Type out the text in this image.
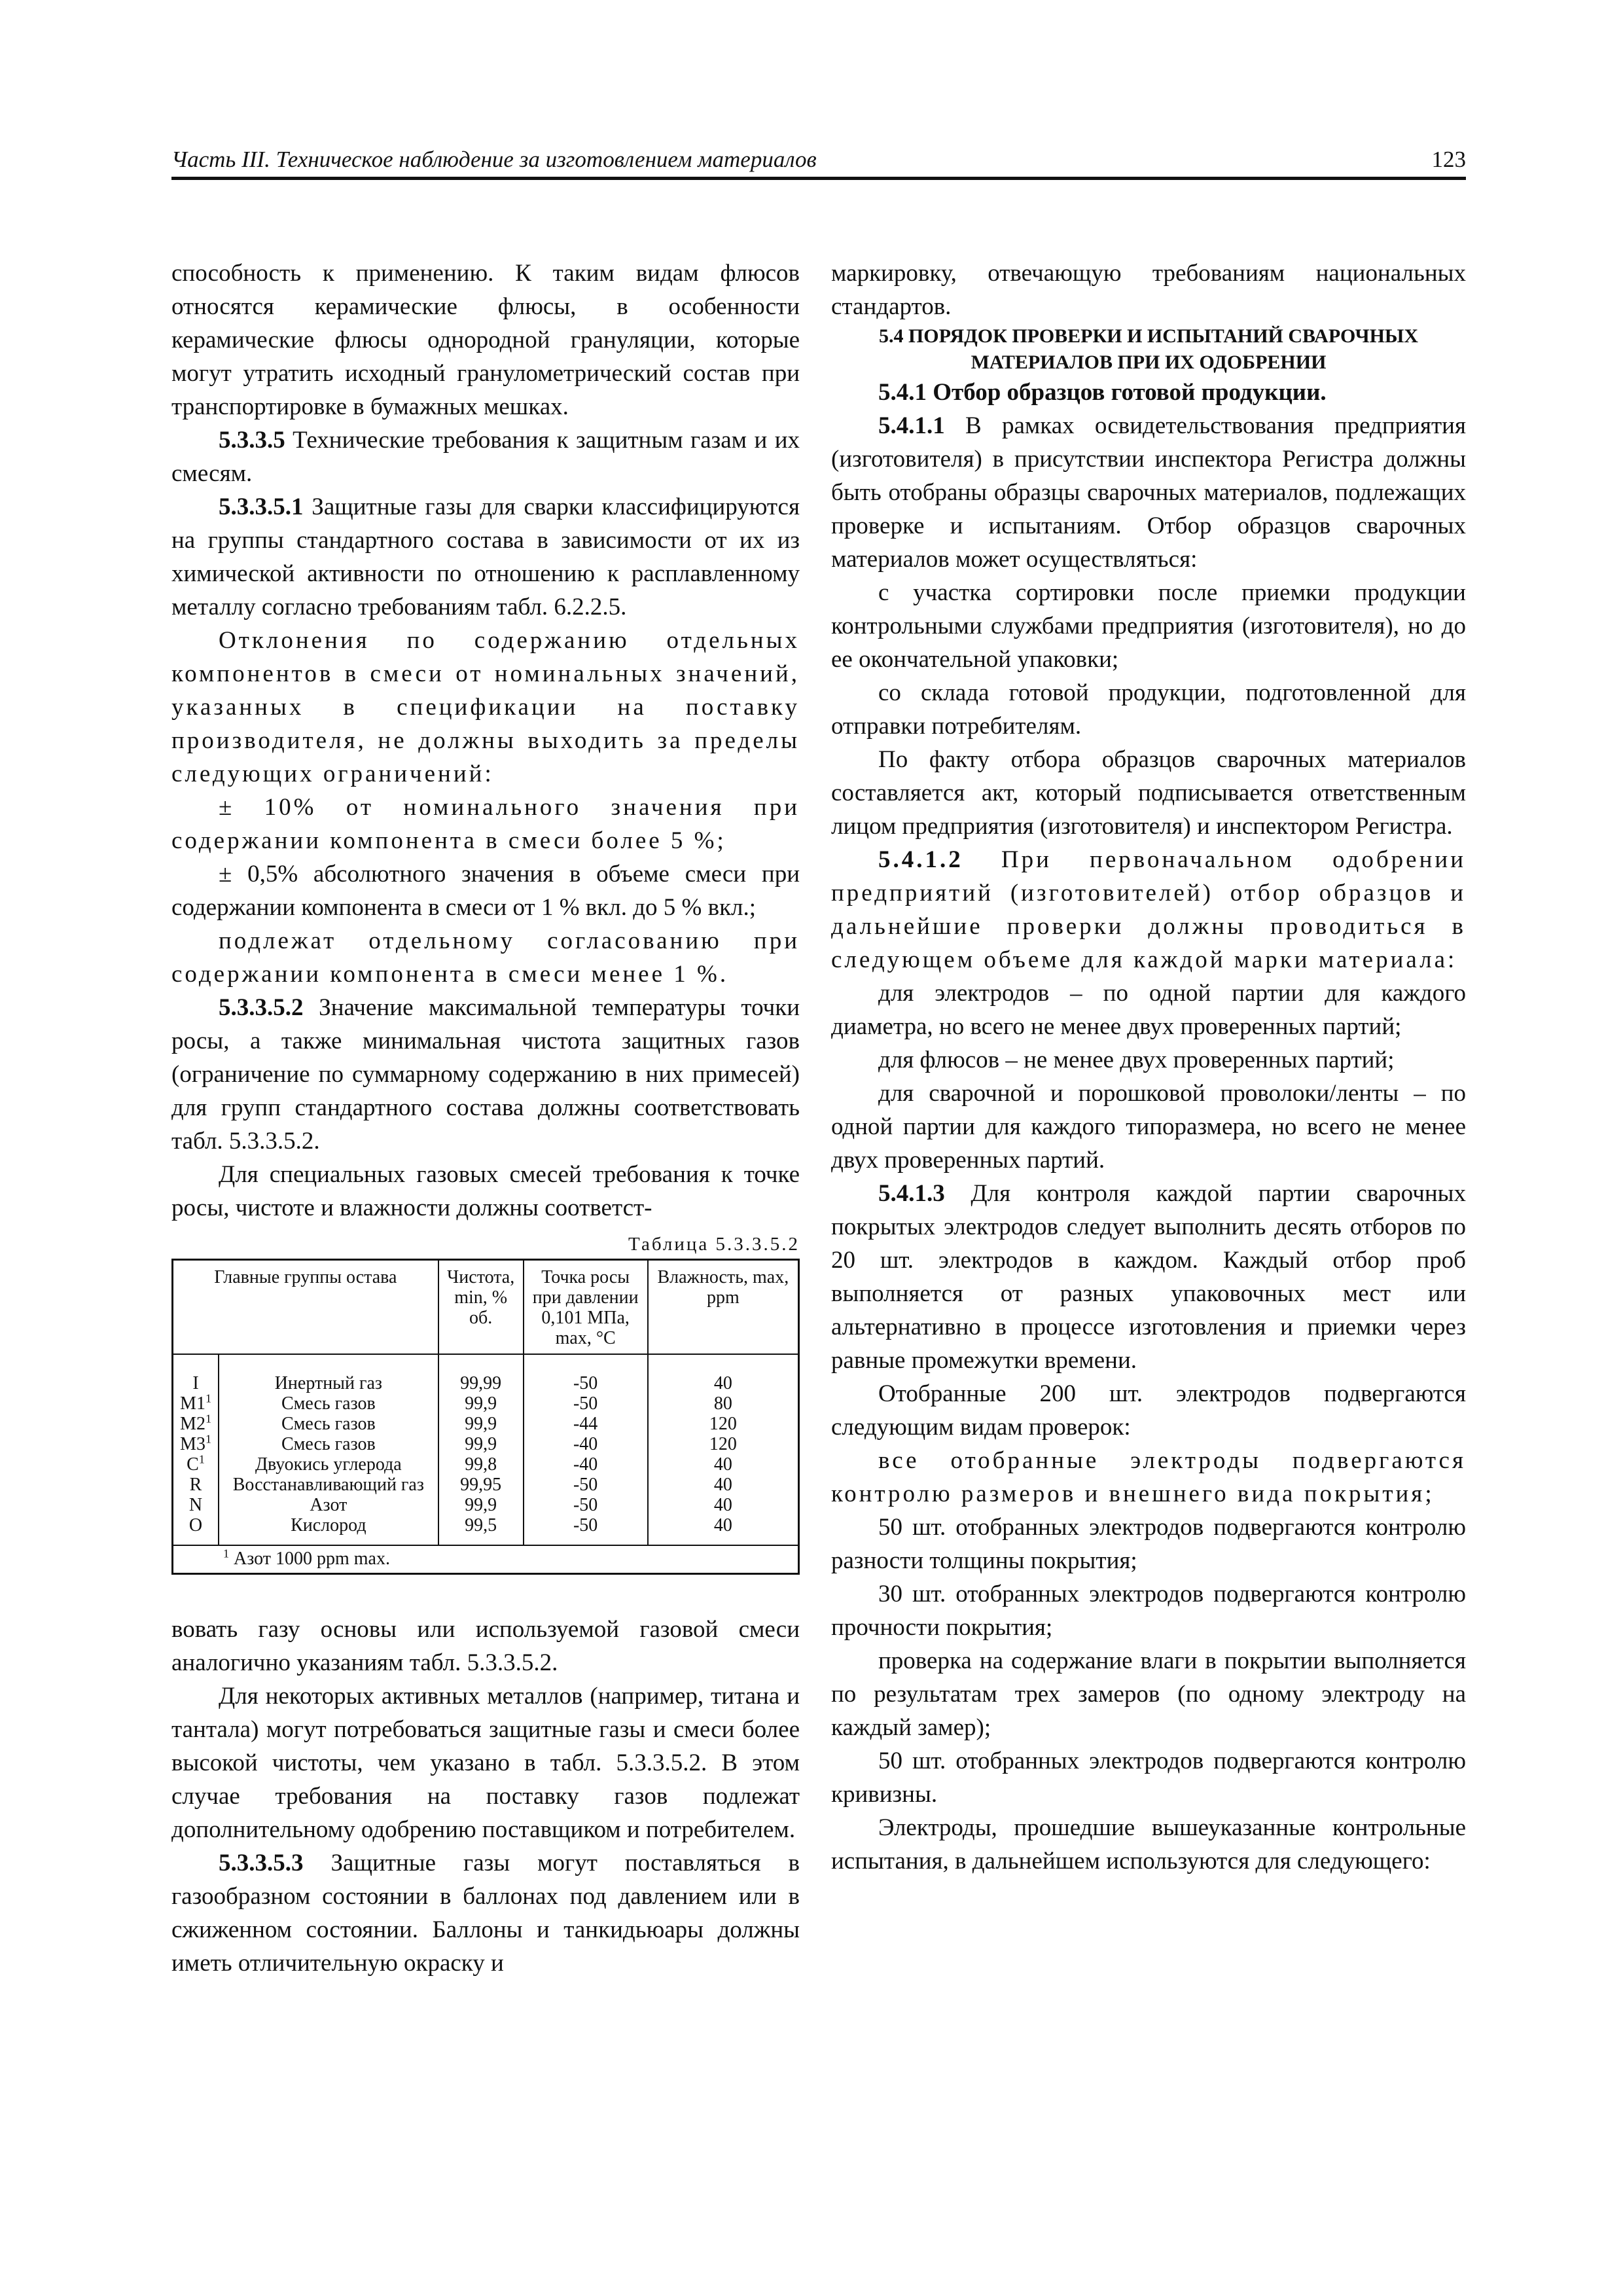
Часть III. Техническое наблюдение за изготовлением материалов	123

способность к применению. К таким видам флюсов относятся керамические флюсы, в особенности керамические флюсы однородной грануляции, которые могут утратить исходный гранулометрический состав при транспортировке в бумажных мешках.

5.3.3.5 Технические требования к защитным газам и их смесям.

5.3.3.5.1 Защитные газы для сварки классифицируются на группы стандартного состава в зависимости от их из химической активности по отношению к расплавленному металлу согласно требованиям табл. 6.2.2.5.

Отклонения по содержанию отдельных компонентов в смеси от номинальных значений, указанных в спецификации на поставку производителя, не должны выходить за пределы следующих ограничений:

± 10% от номинального значения при содержании компонента в смеси более 5 %;

± 0,5% абсолютного значения в объеме смеси при содержании компонента в смеси от 1 % вкл. до 5 % вкл.;

подлежат отдельному согласованию при содержании компонента в смеси менее 1 %.

5.3.3.5.2 Значение максимальной температуры точки росы, а также минимальная чистота защитных газов (ограничение по суммарному содержанию в них примесей) для групп стандартного состава должны соответствовать табл. 5.3.3.5.2.

Для специальных газовых смесей требования к точке росы, чистоте и влажности должны соответст-

Таблица 5.3.3.5.2
Главные группы остава		Чистота, min, % об.	Точка росы при давлении 0,101 МПа, max, °С	Влажность, max, ppm
I	Инертный газ	99,99	-50	40
$M1^1$	Смесь газов	99,9	-50	80
$M2^1$	Смесь газов	99,9	-44	120
$M3^1$	Смесь газов	99,9	-40	120
$C^1$	Двуокись углерода	99,8	-40	40
R	Восстанавливающий газ	99,95	-50	40
N	Азот	99,9	-50	40
O	Кислород	99,5	-50	40
$^1$ Азот 1000 ppm max.				

вовать газу основы или используемой газовой смеси аналогично указаниям табл. 5.3.3.5.2.

Для некоторых активных металлов (например, титана и тантала) могут потребоваться защитные газы и смеси более высокой чистоты, чем указано в табл. 5.3.3.5.2. В этом случае требования на поставку газов подлежат дополнительному одобрению поставщиком и потребителем.

5.3.3.5.3 Защитные газы могут поставляться в газообразном состоянии в баллонах под давлением или в сжиженном состоянии. Баллоны и танкидьюары должны иметь отличительную окраску и

маркировку, отвечающую требованиям национальных стандартов.

5.4 ПОРЯДОК ПРОВЕРКИ И ИСПЫТАНИЙ СВАРОЧНЫХ МАТЕРИАЛОВ ПРИ ИХ ОДОБРЕНИИ

5.4.1 Отбор образцов готовой продукции.

5.4.1.1 В рамках освидетельствования предприятия (изготовителя) в присутствии инспектора Регистра должны быть отобраны образцы сварочных материалов, подлежащих проверке и испытаниям. Отбор образцов сварочных материалов может осуществляться:

с участка сортировки после приемки продукции контрольными службами предприятия (изготовителя), но до ее окончательной упаковки;

со склада готовой продукции, подготовленной для отправки потребителям.

По факту отбора образцов сварочных материалов составляется акт, который подписывается ответственным лицом предприятия (изготовителя) и инспектором Регистра.

5.4.1.2 При первоначальном одобрении предприятий (изготовителей) отбор образцов и дальнейшие проверки должны проводиться в следующем объеме для каждой марки материала:

для электродов – по одной партии для каждого диаметра, но всего не менее двух проверенных партий;

для флюсов – не менее двух проверенных партий;

для сварочной и порошковой проволоки/ленты – по одной партии для каждого типоразмера, но всего не менее двух проверенных партий.

5.4.1.3 Для контроля каждой партии сварочных покрытых электродов следует выполнить десять отборов по 20 шт. электродов в каждом. Каждый отбор проб выполняется от разных упаковочных мест или альтернативно в процессе изготовления и приемки через равные промежутки времени.

Отобранные 200 шт. электродов подвергаются следующим видам проверок:

все отобранные электроды подвергаются контролю размеров и внешнего вида покрытия;

50 шт. отобранных электродов подвергаются контролю разности толщины покрытия;

30 шт. отобранных электродов подвергаются контролю прочности покрытия;

проверка на содержание влаги в покрытии выполняется по результатам трех замеров (по одному электроду на каждый замер);

50 шт. отобранных электродов подвергаются контролю кривизны.

Электроды, прошедшие вышеуказанные контрольные испытания, в дальнейшем используются для следующего:
